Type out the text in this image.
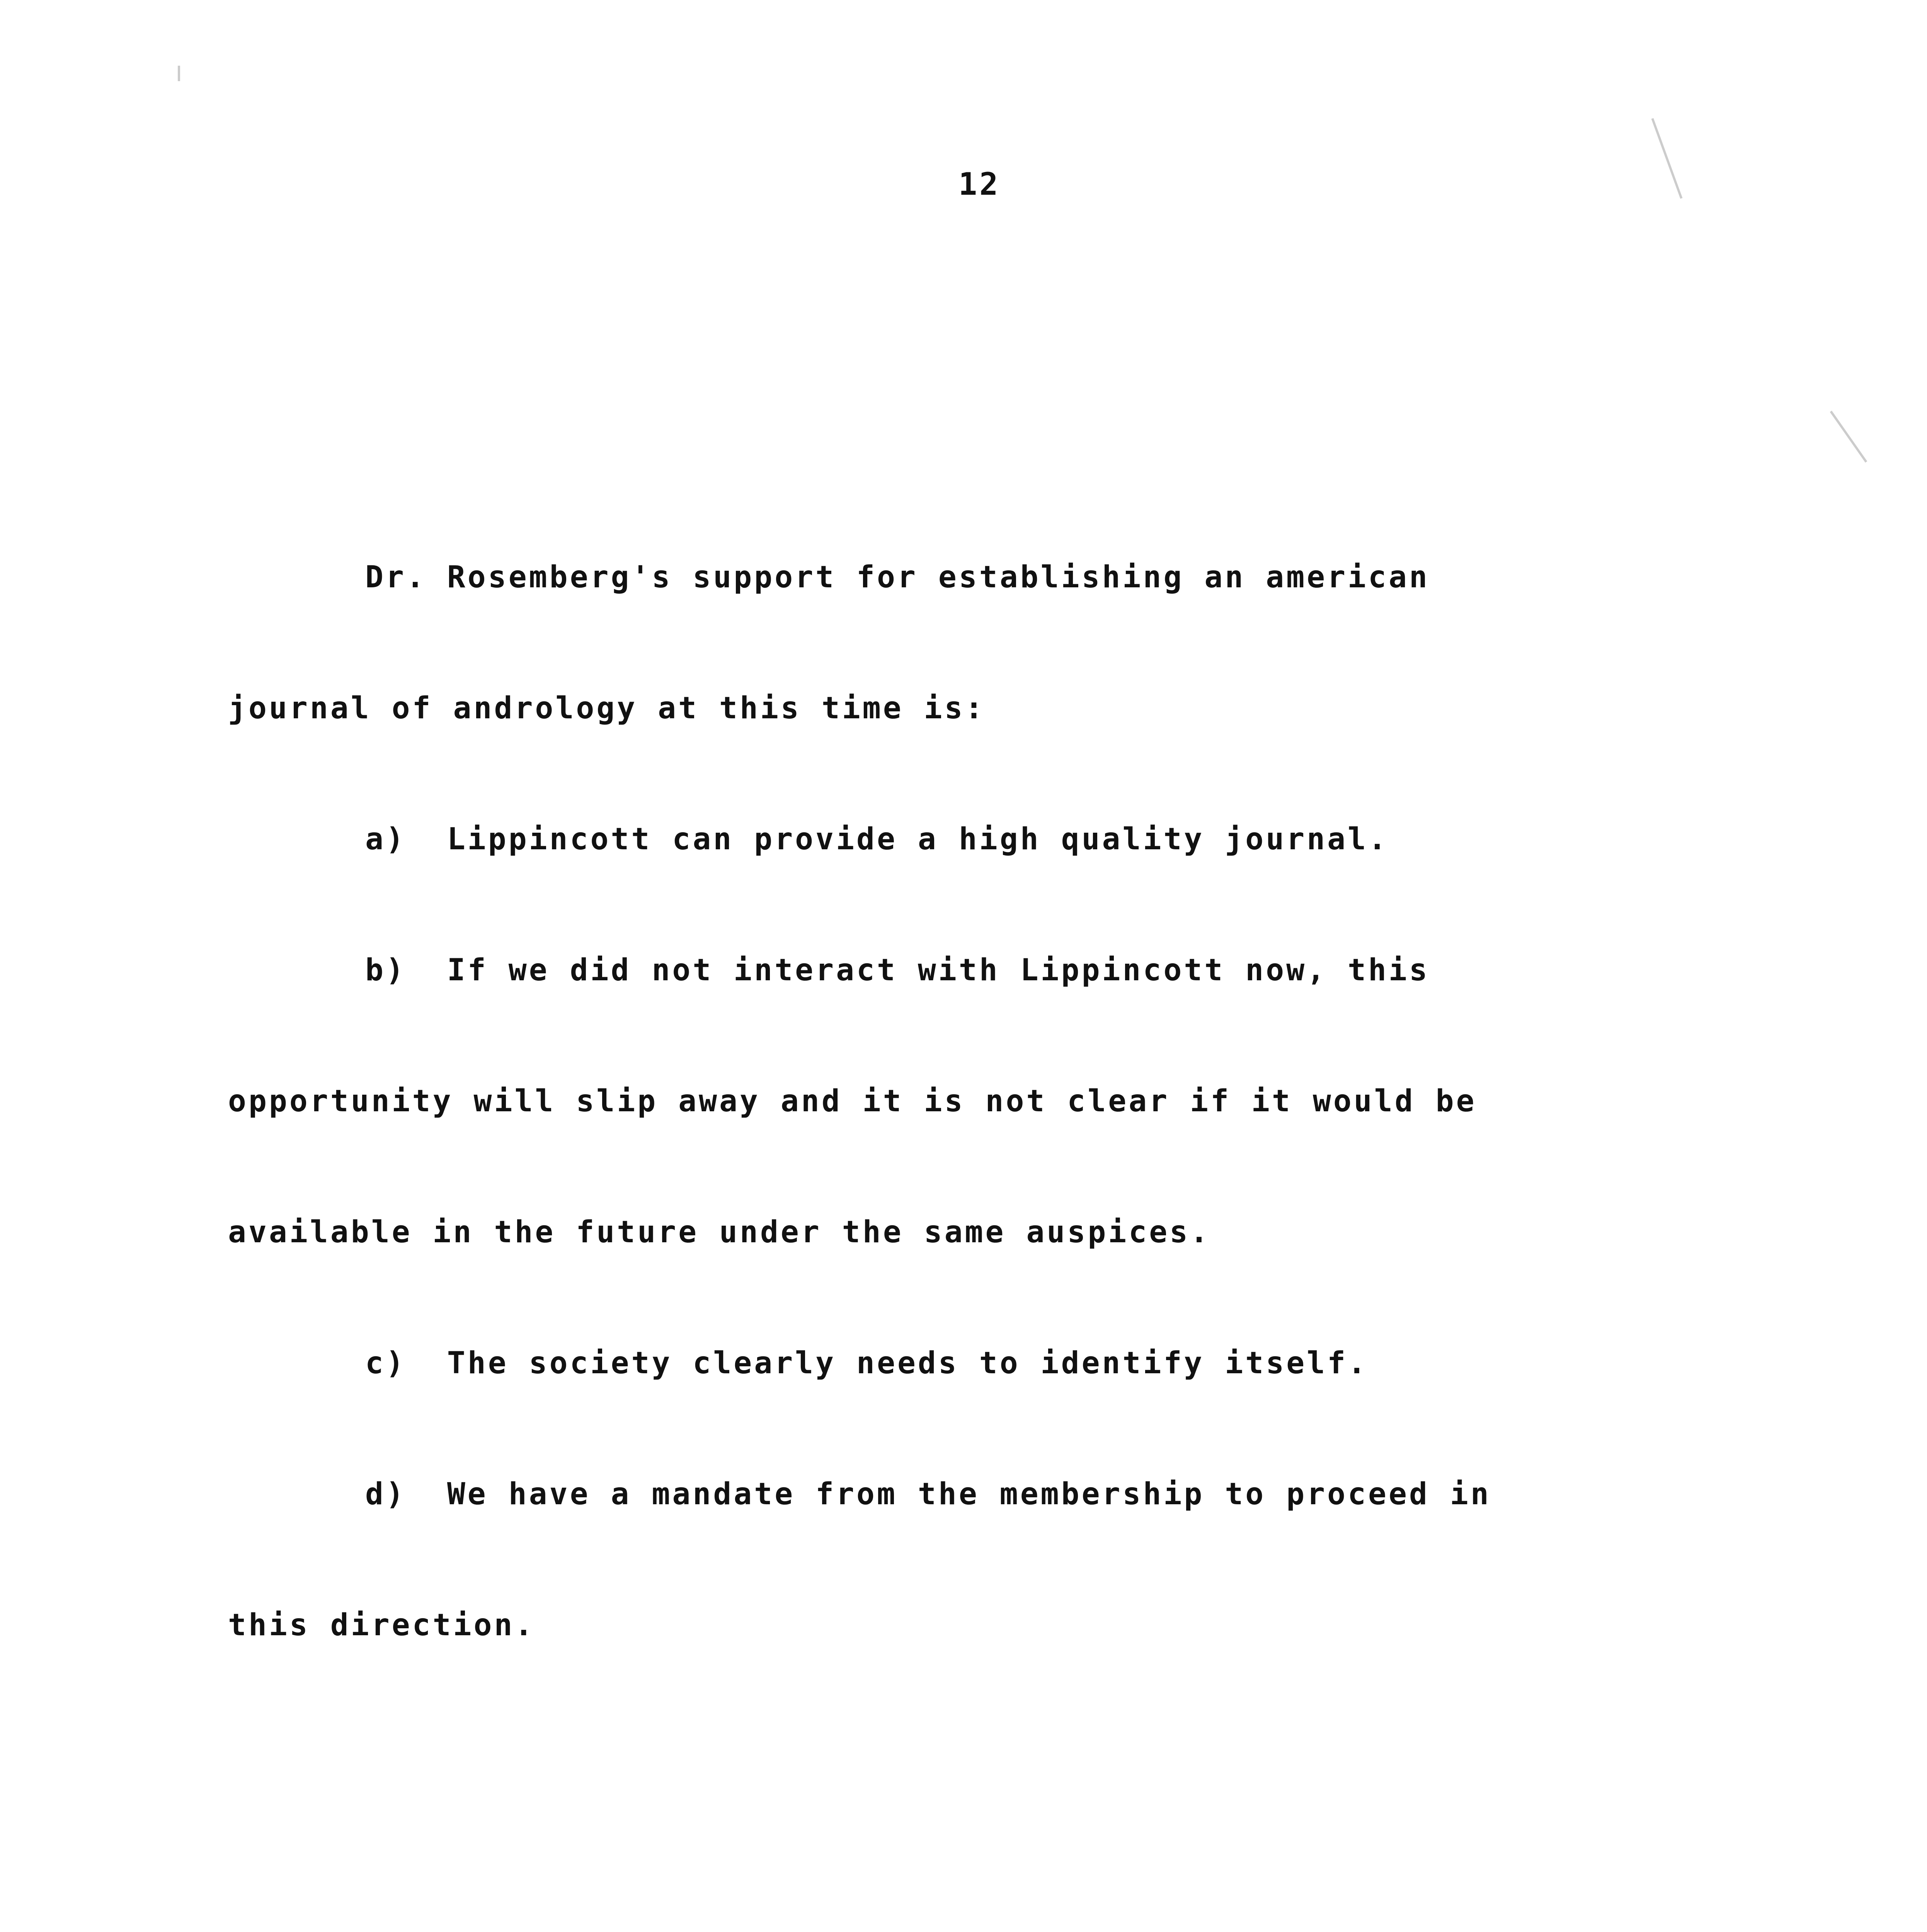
12

Dr. Rosemberg's support for establishing an american

journal of andrology at this time is:

a)  Lippincott can provide a high quality journal.

b)  If we did not interact with Lippincott now, this

opportunity will slip away and it is not clear if it would be

available in the future under the same auspices.

c)  The society clearly needs to identify itself.

d)  We have a mandate from the membership to proceed in

this direction.
